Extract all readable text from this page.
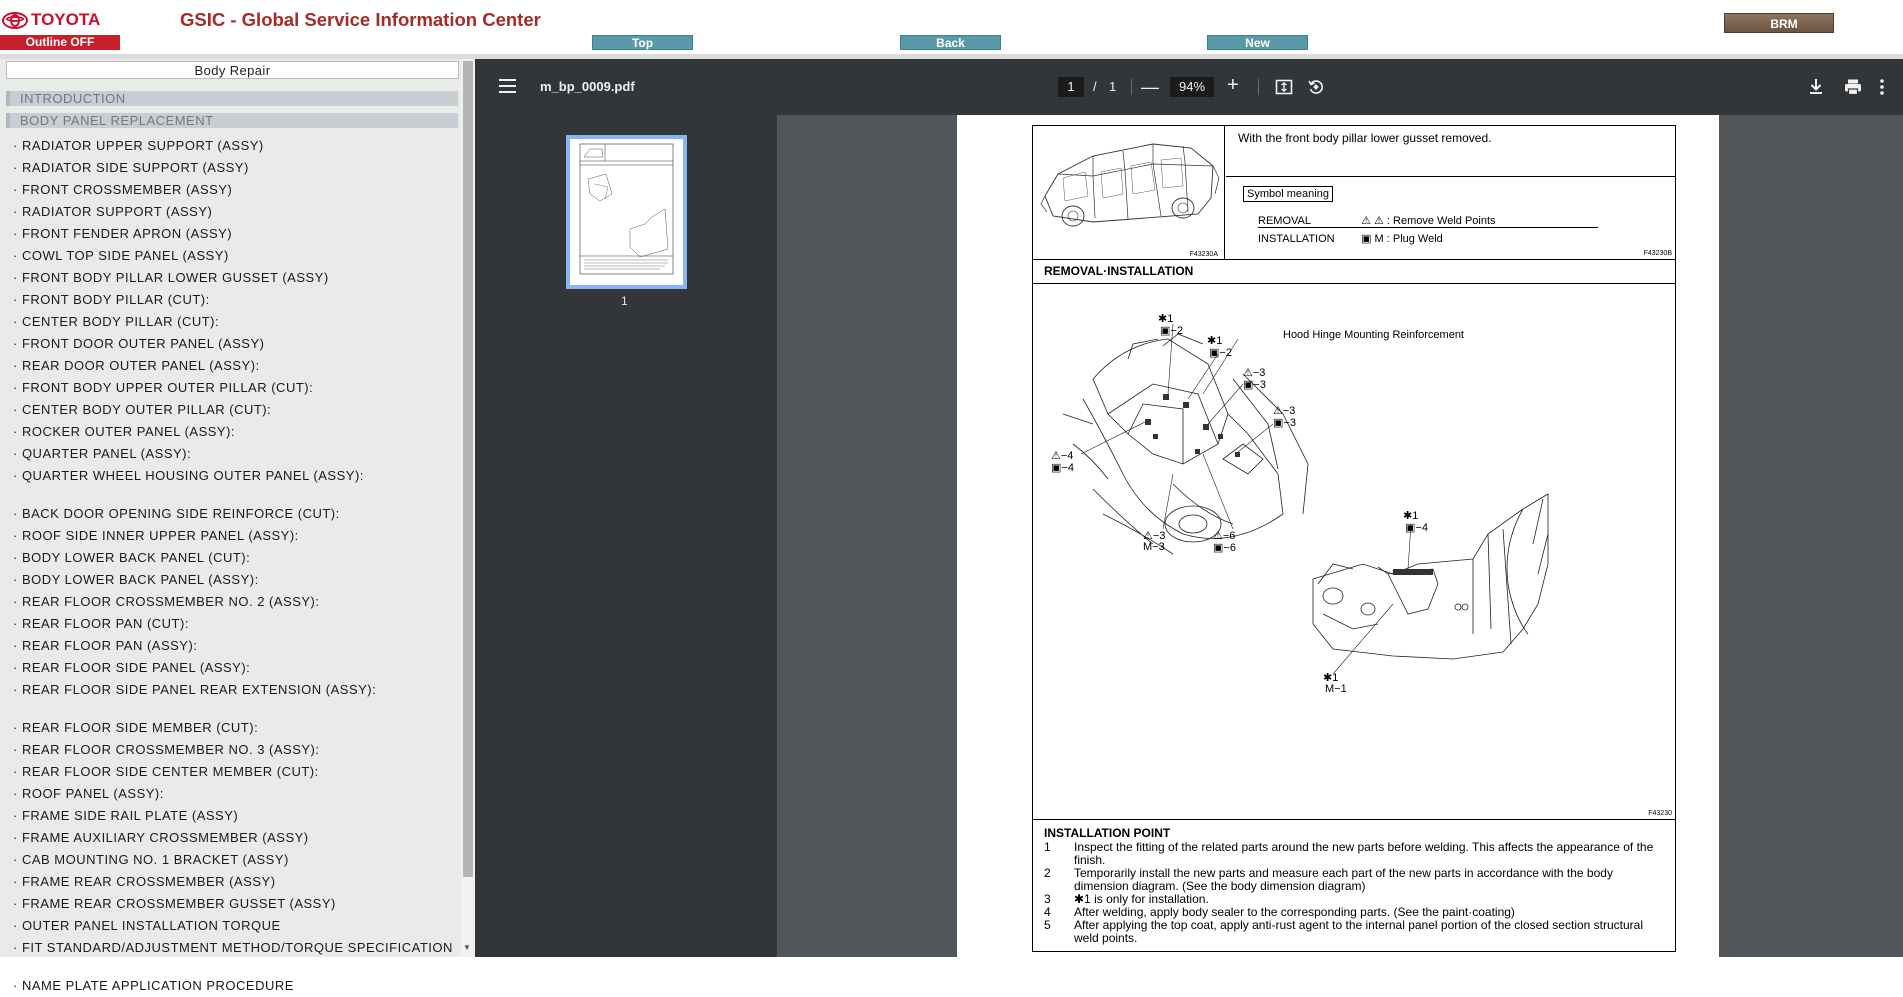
TOYOTA	GSIC - Global Service Information Center
Outline OFF	Top	Back	New
BRM
Body Repair
INTRODUCTION
BODY PANEL REPLACEMENT
· RADIATOR UPPER SUPPORT (ASSY)
· RADIATOR SIDE SUPPORT (ASSY)
· FRONT CROSSMEMBER (ASSY)
· RADIATOR SUPPORT (ASSY)
· FRONT FENDER APRON (ASSY)
· COWL TOP SIDE PANEL (ASSY)
· FRONT BODY PILLAR LOWER GUSSET (ASSY)
· FRONT BODY PILLAR (CUT):
· CENTER BODY PILLAR (CUT):
· FRONT DOOR OUTER PANEL (ASSY)
· REAR DOOR OUTER PANEL (ASSY):
· FRONT BODY UPPER OUTER PILLAR (CUT):
· CENTER BODY OUTER PILLAR (CUT):
· ROCKER OUTER PANEL (ASSY):
· QUARTER PANEL (ASSY):
· QUARTER WHEEL HOUSING OUTER PANEL (ASSY):
· BACK DOOR OPENING SIDE REINFORCE (CUT):
· ROOF SIDE INNER UPPER PANEL (ASSY):
· BODY LOWER BACK PANEL (CUT):
· BODY LOWER BACK PANEL (ASSY):
· REAR FLOOR CROSSMEMBER NO. 2 (ASSY):
· REAR FLOOR PAN (CUT):
· REAR FLOOR PAN (ASSY):
· REAR FLOOR SIDE PANEL (ASSY):
· REAR FLOOR SIDE PANEL REAR EXTENSION (ASSY):
· REAR FLOOR SIDE MEMBER (CUT):
· REAR FLOOR CROSSMEMBER NO. 3 (ASSY):
· REAR FLOOR SIDE CENTER MEMBER (CUT):
· ROOF PANEL (ASSY):
· FRAME SIDE RAIL PLATE (ASSY)
· FRAME AUXILIARY CROSSMEMBER (ASSY)
· CAB MOUNTING NO. 1 BRACKET (ASSY)
· FRAME REAR CROSSMEMBER (ASSY)
· FRAME REAR CROSSMEMBER GUSSET (ASSY)
· OUTER PANEL INSTALLATION TORQUE
· FIT STANDARD/ADJUSTMENT METHOD/TORQUE SPECIFICATION
· NAME PLATE APPLICATION PROCEDURE
▼
m_bp_0009.pdf
1	/ 1 —
94%	+
1
F43230A
With the front body pillar lower gusset removed.
Symbol meaning
REMOVAL	⚠ ⚠ : Remove Weld Points
INSTALLATION ▣ M : Plug Weld
F43230B
REMOVAL·INSTALLATION
✱1
▣−2
✱1
▣−2
Hood Hinge Mounting Reinforcement
⚠−3
▣−3
⚠−3
▣−3
⚠−4
▣−4
⚠−3
M−3
⚠−6
▣−6
✱1
▣−4
✱1
M−1
F43230
INSTALLATION POINT
1	Inspect the fitting of the related parts around the new parts before welding. This affects the appearance of the finish.
2	Temporarily install the new parts and measure each part of the new parts in accordance with the body dimension diagram. (See the body dimension diagram)
3	✱1 is only for installation.
4	After welding, apply body sealer to the corresponding parts. (See the paint·coating)
5	After applying the top coat, apply anti-rust agent to the internal panel portion of the closed section structural weld points.
